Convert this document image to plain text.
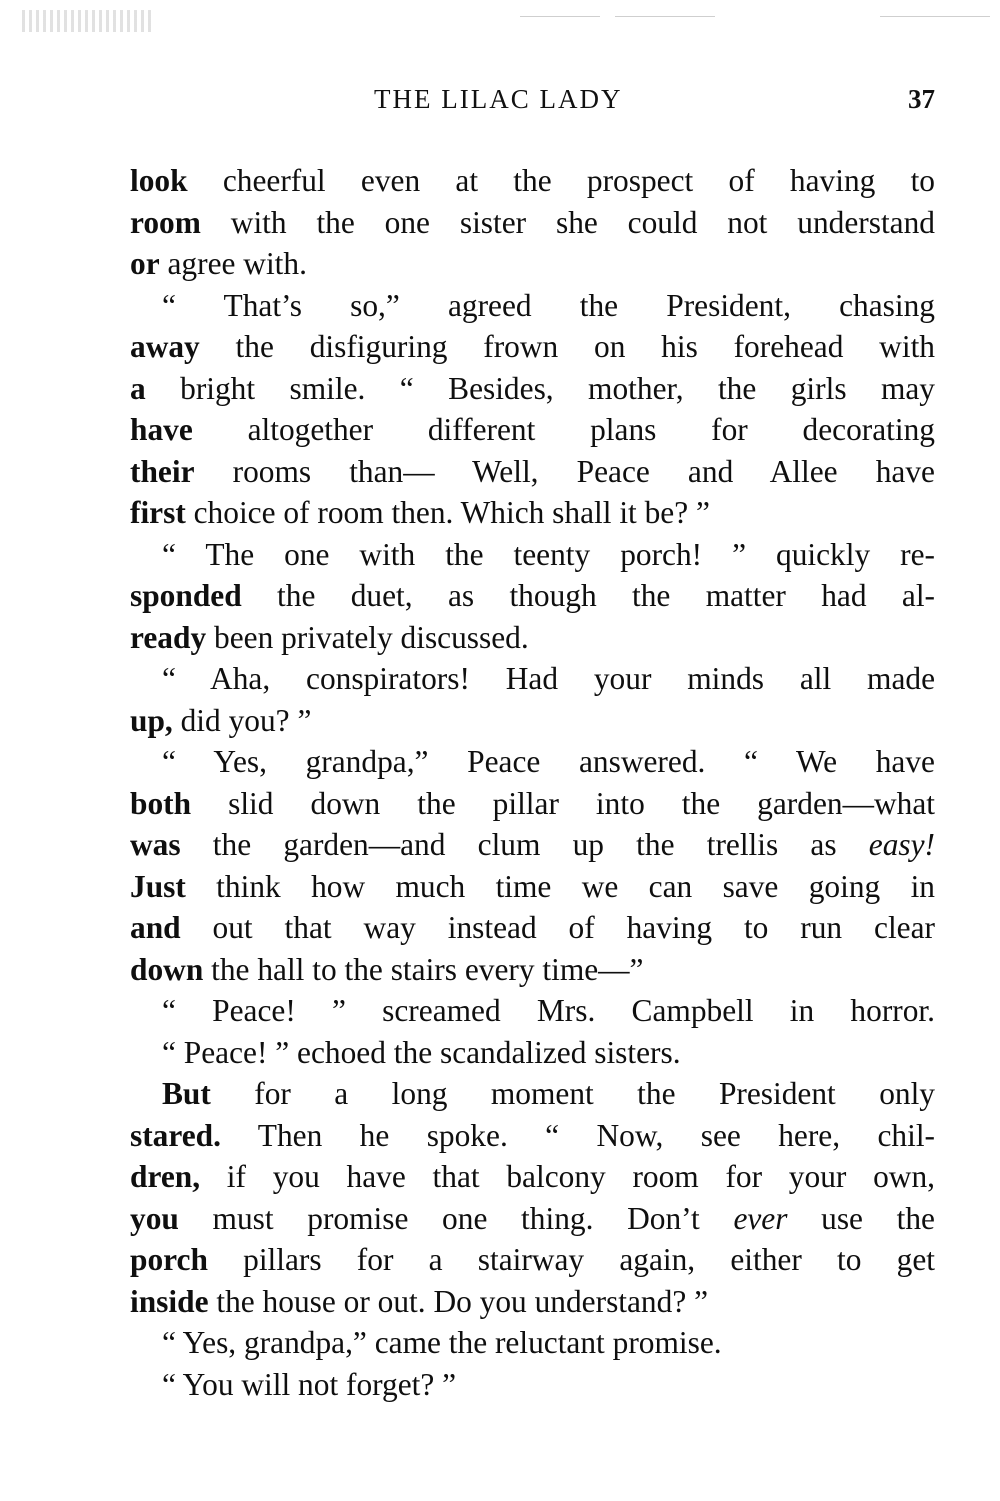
THE LILAC LADY	37
look cheerful even at the prospect of having to
room with the one sister she could not understand
or agree with.
“ That’s so,” agreed the President, chasing
away the disfiguring frown on his forehead with
a bright smile. “ Besides, mother, the girls may
have altogether different plans for decorating
their rooms than— Well, Peace and Allee have
first choice of room then. Which shall it be? ”
“ The one with the teenty porch! ” quickly re-
sponded the duet, as though the matter had al-
ready been privately discussed.
“ Aha, conspirators! Had your minds all made
up, did you? ”
“ Yes, grandpa,” Peace answered. “ We have
both slid down the pillar into the garden—what
was the garden—and clum up the trellis as easy!
Just think how much time we can save going in
and out that way instead of having to run clear
down the hall to the stairs every time—”
“ Peace! ” screamed Mrs. Campbell in horror.
“ Peace! ” echoed the scandalized sisters.
But for a long moment the President only
stared. Then he spoke. “ Now, see here, chil-
dren, if you have that balcony room for your own,
you must promise one thing. Don’t ever use the
porch pillars for a stairway again, either to get
inside the house or out. Do you understand? ”
“ Yes, grandpa,” came the reluctant promise.
“ You will not forget? ”
